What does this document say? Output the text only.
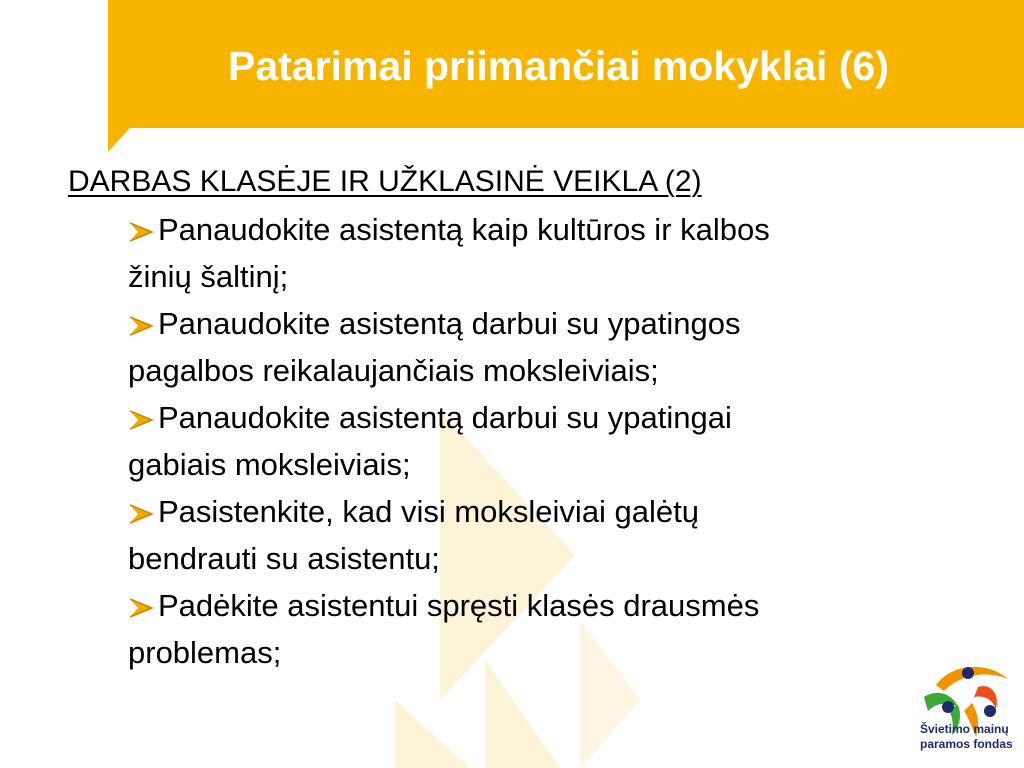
Patarimai priimančiai mokyklai (6)
DARBAS KLASĖJE IR UŽKLASINĖ VEIKLA (2)
Panaudokite asistentą kaip kultūros ir kalbos
žinių šaltinį;
Panaudokite asistentą darbui su ypatingos
pagalbos reikalaujančiais moksleiviais;
Panaudokite asistentą darbui su ypatingai
gabiais moksleiviais;
Pasistenkite, kad visi moksleiviai galėtų
bendrauti su asistentu;
Padėkite asistentui spręsti klasės drausmės
problemas;
Švietimo mainų
paramos fondas
